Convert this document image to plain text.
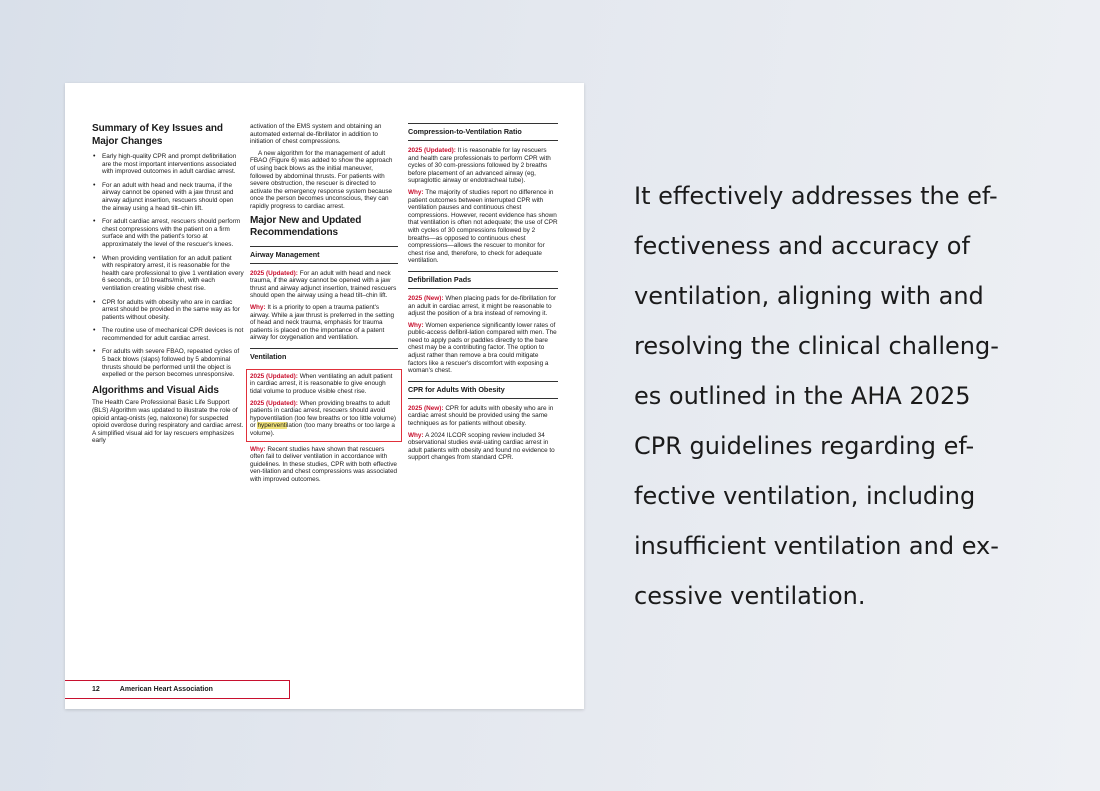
Summary of Key Issues and Major Changes
• Early high-quality CPR and prompt defibrillation are the most important interventions associated with improved outcomes in adult cardiac arrest.
• For an adult with head and neck trauma, if the airway cannot be opened with a jaw thrust and airway adjunct insertion, rescuers should open the airway using a head tilt–chin lift.
• For adult cardiac arrest, rescuers should perform chest compressions with the patient on a firm surface and with the patient's torso at approximately the level of the rescuer's knees.
• When providing ventilation for an adult patient with respiratory arrest, it is reasonable for the health care professional to give 1 ventilation every 6 seconds, or 10 breaths/min, with each ventilation creating visible chest rise.
• CPR for adults with obesity who are in cardiac arrest should be provided in the same way as for patients without obesity.
• The routine use of mechanical CPR devices is not recommended for adult cardiac arrest.
• For adults with severe FBAO, repeated cycles of 5 back blows (slaps) followed by 5 abdominal thrusts should be performed until the object is expelled or the person becomes unresponsive.
Algorithms and Visual Aids

The Health Care Professional Basic Life Support (BLS) Algorithm was updated to illustrate the role of opioid antag-onists (eg, naloxone) for suspected opioid overdose during respiratory and cardiac arrest. A simplified visual aid for lay rescuers emphasizes early

activation of the EMS system and obtaining an automated external de-fibrillator in addition to initiation of chest compressions.

A new algorithm for the management of adult FBAO (Figure 6) was added to show the approach of using back blows as the initial maneuver, followed by abdominal thrusts. For patients with severe obstruction, the rescuer is directed to activate the emergency response system because once the person becomes unconscious, they can rapidly progress to cardiac arrest.

Major New and Updated Recommendations
Airway Management

2025 (Updated): For an adult with head and neck trauma, if the airway cannot be opened with a jaw thrust and airway adjunct insertion, trained rescuers should open the airway using a head tilt–chin lift.

Why: It is a priority to open a trauma patient's airway. While a jaw thrust is preferred in the setting of head and neck trauma, emphasis for trauma patients is placed on the importance of a patent airway for oxygenation and ventilation.

Ventilation

2025 (Updated): When ventilating an adult patient in cardiac arrest, it is reasonable to give enough tidal volume to produce visible chest rise.

2025 (Updated): When providing breaths to adult patients in cardiac arrest, rescuers should avoid hypoventilation (too few breaths or too little volume) or hyperventilation (too many breaths or too large a volume).

Why: Recent studies have shown that rescuers often fail to deliver ventilation in accordance with guidelines. In these studies, CPR with both effective ven-tilation and chest compressions was associated with improved outcomes.

Compression-to-Ventilation Ratio

2025 (Updated): It is reasonable for lay rescuers and health care professionals to perform CPR with cycles of 30 com-pressions followed by 2 breaths before placement of an advanced airway (eg, supraglottic airway or endotracheal tube).

Why: The majority of studies report no difference in patient outcomes between interrupted CPR with ventilation pauses and continuous chest compressions. However, recent evidence has shown that ventilation is often not adequate; the use of CPR with cycles of 30 compressions followed by 2 breaths—as opposed to continuous chest compressions—allows the rescuer to monitor for chest rise and, therefore, to check for adequate ventilation.

Defibrillation Pads

2025 (New): When placing pads for de-fibrillation for an adult in cardiac arrest, it might be reasonable to adjust the position of a bra instead of removing it.

Why: Women experience significantly lower rates of public-access defibril-lation compared with men. The need to apply pads or paddles directly to the bare chest may be a contributing factor. The option to adjust rather than remove a bra could mitigate factors like a rescuer's discomfort with exposing a woman's chest.

CPR for Adults With Obesity

2025 (New): CPR for adults with obesity who are in cardiac arrest should be provided using the same techniques as for patients without obesity.

Why: A 2024 ILCOR scoping review included 34 observational studies eval-uating cardiac arrest in adult patients with obesity and found no evidence to support changes from standard CPR.

12	American Heart Association
It effectively addresses the ef-
fectiveness and accuracy of
ventilation, aligning with and
resolving the clinical challeng-
es outlined in the AHA 2025
CPR guidelines regarding ef-
fective ventilation, including
insufficient ventilation and ex-
cessive ventilation.
